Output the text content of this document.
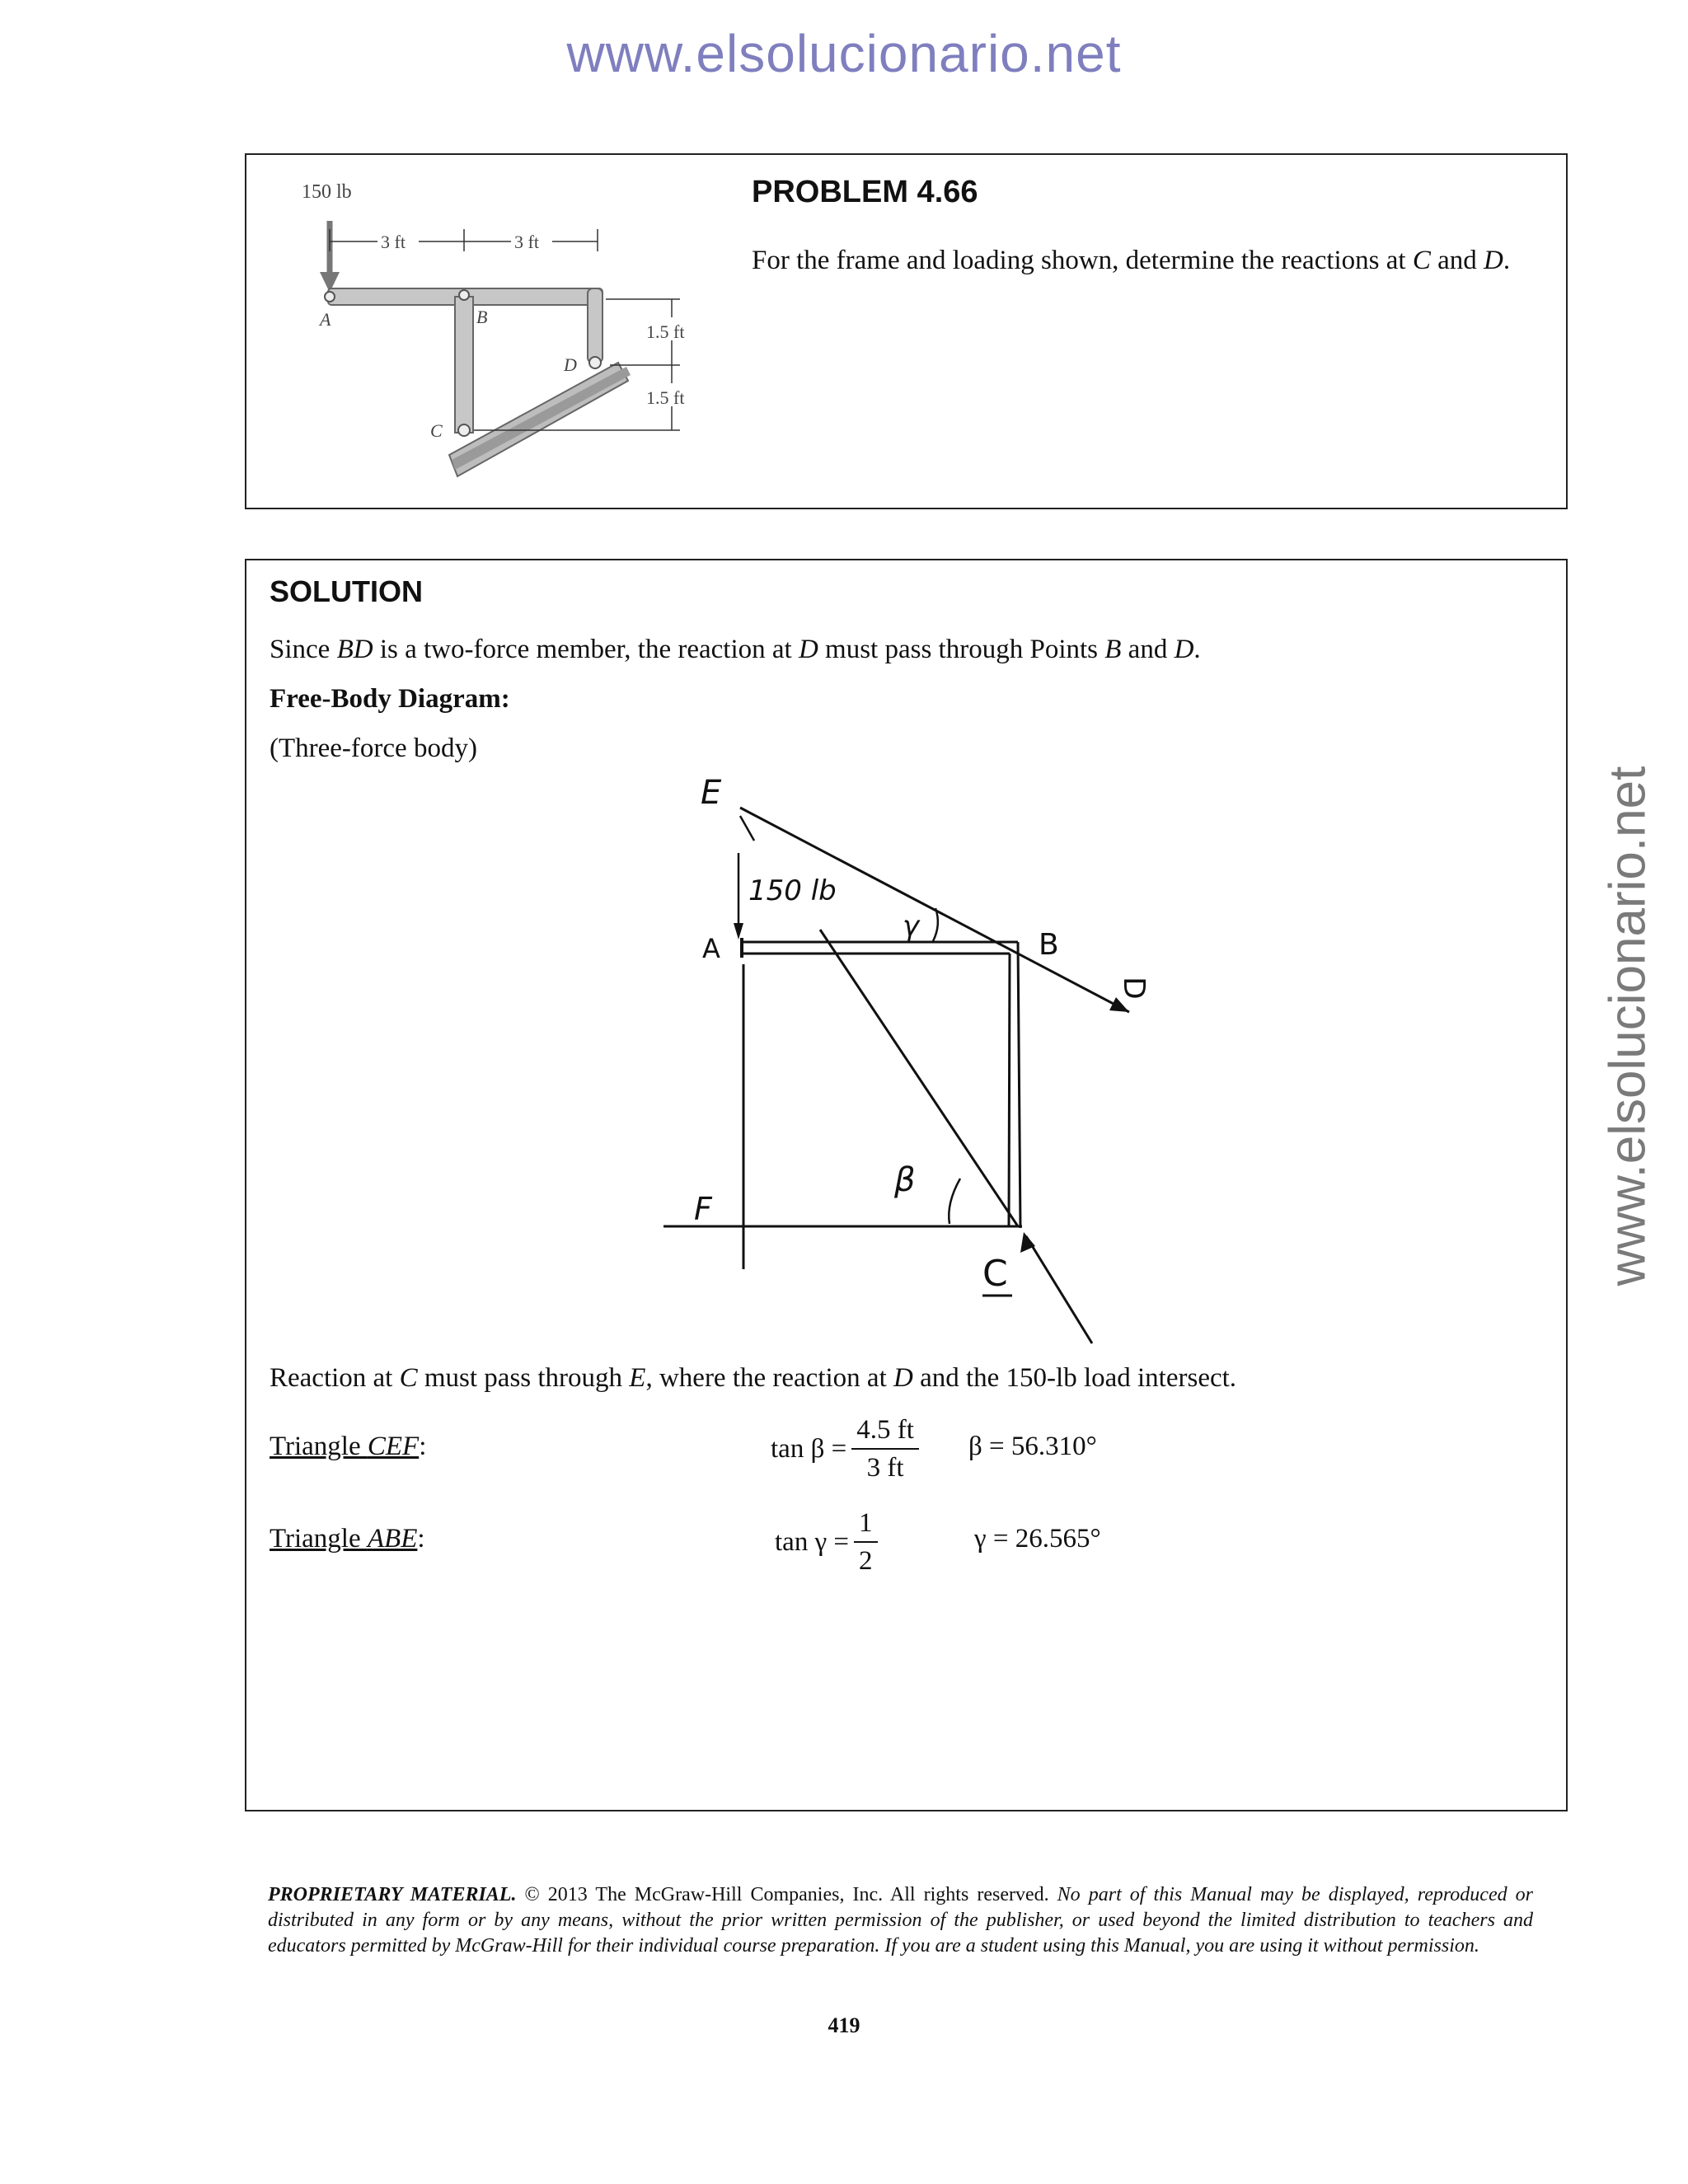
www.elsolucionario.net
www.elsolucionario.net
150 lb
3 ft	3 ft
A	B
D
C
1.5 ft
1.5 ft
PROBLEM 4.66
For the frame and loading shown, determine the reactions at C and D.
SOLUTION
Since BD is a two-force member, the reaction at D must pass through Points B and D.
Free-Body Diagram:
(Three-force body)
E
150 lb
γ
A	B
D
β
F
C
Reaction at C must pass through E, where the reaction at D and the 150-lb load intersect.
Triangle CEF:	$\tan \beta = \frac{4.5 ft}{3 ft}$ β = 56.310°
Triangle ABE:	$\tan \gamma = \frac{1}{2}$	γ = 26.565°
PROPRIETARY MATERIAL. © 2013 The McGraw-Hill Companies, Inc. All rights reserved. No part of this Manual may be displayed, reproduced or distributed in any form or by any means, without the prior written permission of the publisher, or used beyond the limited distribution to teachers and educators permitted by McGraw-Hill for their individual course preparation. If you are a student using this Manual, you are using it without permission.
419
